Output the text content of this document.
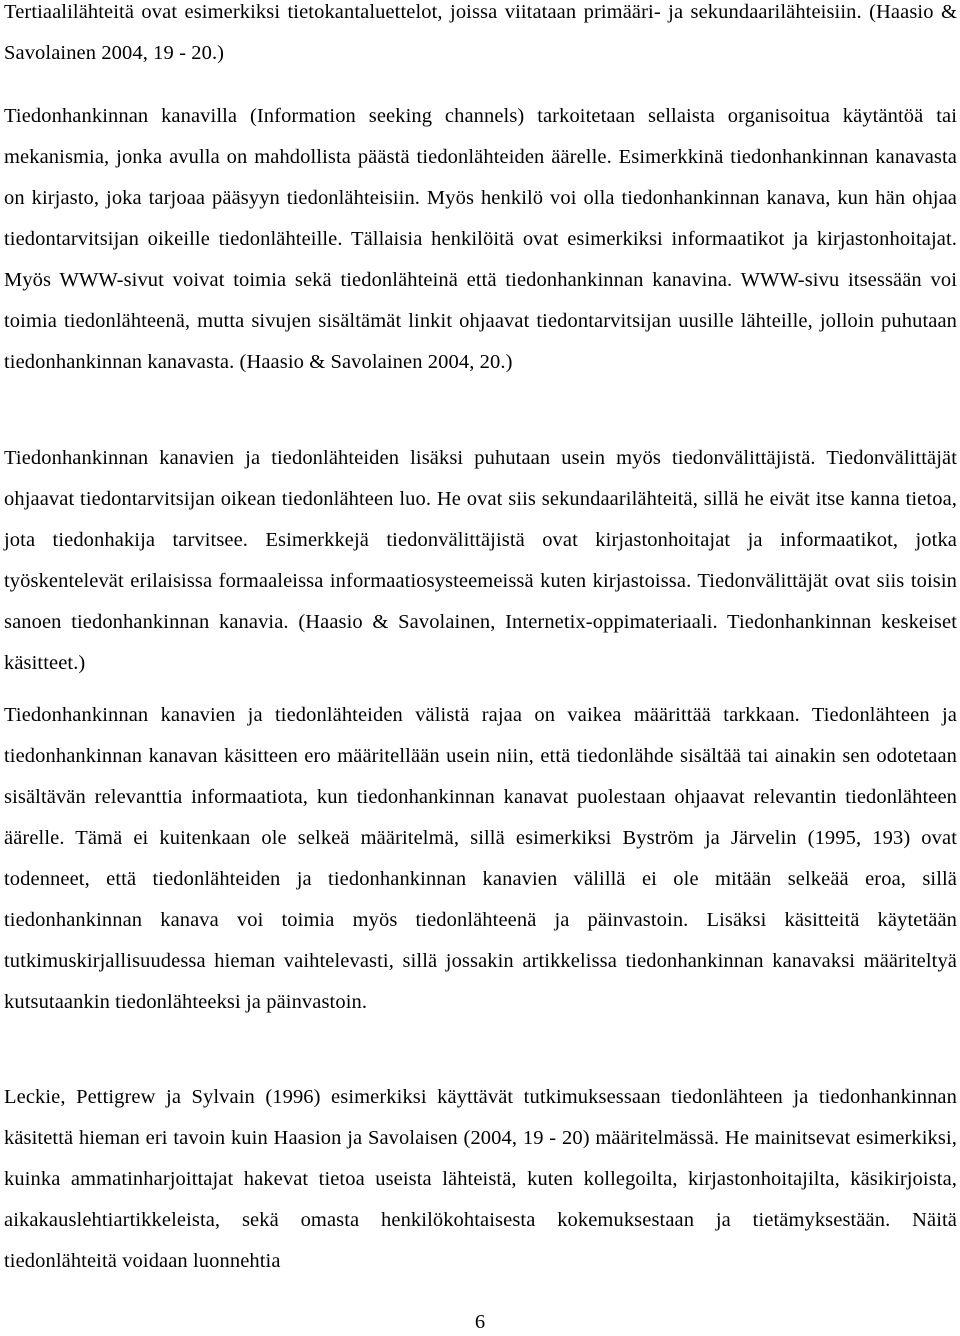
Tertiaalilähteitä ovat esimerkiksi tietokantaluettelot, joissa viitataan primääri- ja sekundaarilähteisiin. (Haasio & Savolainen 2004, 19 - 20.)

Tiedonhankinnan kanavilla (Information seeking channels) tarkoitetaan sellaista organisoitua käytäntöä tai mekanismia, jonka avulla on mahdollista päästä tiedonlähteiden äärelle. Esimerkkinä tiedonhankinnan kanavasta on kirjasto, joka tarjoaa pääsyyn tiedonlähteisiin. Myös henkilö voi olla tiedonhankinnan kanava, kun hän ohjaa tiedontarvitsijan oikeille tiedonlähteille. Tällaisia henkilöitä ovat esimerkiksi informaatikot ja kirjastonhoitajat. Myös WWW-sivut voivat toimia sekä tiedonlähteinä että tiedonhankinnan kanavina. WWW-sivu itsessään voi toimia tiedonlähteenä, mutta sivujen sisältämät linkit ohjaavat tiedontarvitsijan uusille lähteille, jolloin puhutaan tiedonhankinnan kanavasta. (Haasio & Savolainen 2004, 20.)

Tiedonhankinnan kanavien ja tiedonlähteiden lisäksi puhutaan usein myös tiedonvälittäjistä. Tiedonvälittäjät ohjaavat tiedontarvitsijan oikean tiedonlähteen luo. He ovat siis sekundaarilähteitä, sillä he eivät itse kanna tietoa, jota tiedonhakija tarvitsee. Esimerkkejä tiedonvälittäjistä ovat kirjastonhoitajat ja informaatikot, jotka työskentelevät erilaisissa formaaleissa informaatiosysteemeissä kuten kirjastoissa. Tiedonvälittäjät ovat siis toisin sanoen tiedonhankinnan kanavia. (Haasio & Savolainen, Internetix-oppimateriaali. Tiedonhankinnan keskeiset käsitteet.)

Tiedonhankinnan kanavien ja tiedonlähteiden välistä rajaa on vaikea määrittää tarkkaan. Tiedonlähteen ja tiedonhankinnan kanavan käsitteen ero määritellään usein niin, että tiedonlähde sisältää tai ainakin sen odotetaan sisältävän relevanttia informaatiota, kun tiedonhankinnan kanavat puolestaan ohjaavat relevantin tiedonlähteen äärelle. Tämä ei kuitenkaan ole selkeä määritelmä, sillä esimerkiksi Byström ja Järvelin (1995, 193) ovat todenneet, että tiedonlähteiden ja tiedonhankinnan kanavien välillä ei ole mitään selkeää eroa, sillä tiedonhankinnan kanava voi toimia myös tiedonlähteenä ja päinvastoin. Lisäksi käsitteitä käytetään tutkimuskirjallisuudessa hieman vaihtelevasti, sillä jossakin artikkelissa tiedonhankinnan kanavaksi määriteltyä kutsutaankin tiedonlähteeksi ja päinvastoin.

Leckie, Pettigrew ja Sylvain (1996) esimerkiksi käyttävät tutkimuksessaan tiedonlähteen ja tiedonhankinnan käsitettä hieman eri tavoin kuin Haasion ja Savolaisen (2004, 19 - 20) määritelmässä. He mainitsevat esimerkiksi, kuinka ammatinharjoittajat hakevat tietoa useista lähteistä, kuten kollegoilta, kirjastonhoitajilta, käsikirjoista, aikakauslehtiartikkeleista, sekä omasta henkilökohtaisesta kokemuksestaan ja tietämyksestään. Näitä tiedonlähteitä voidaan luonnehtia

6
